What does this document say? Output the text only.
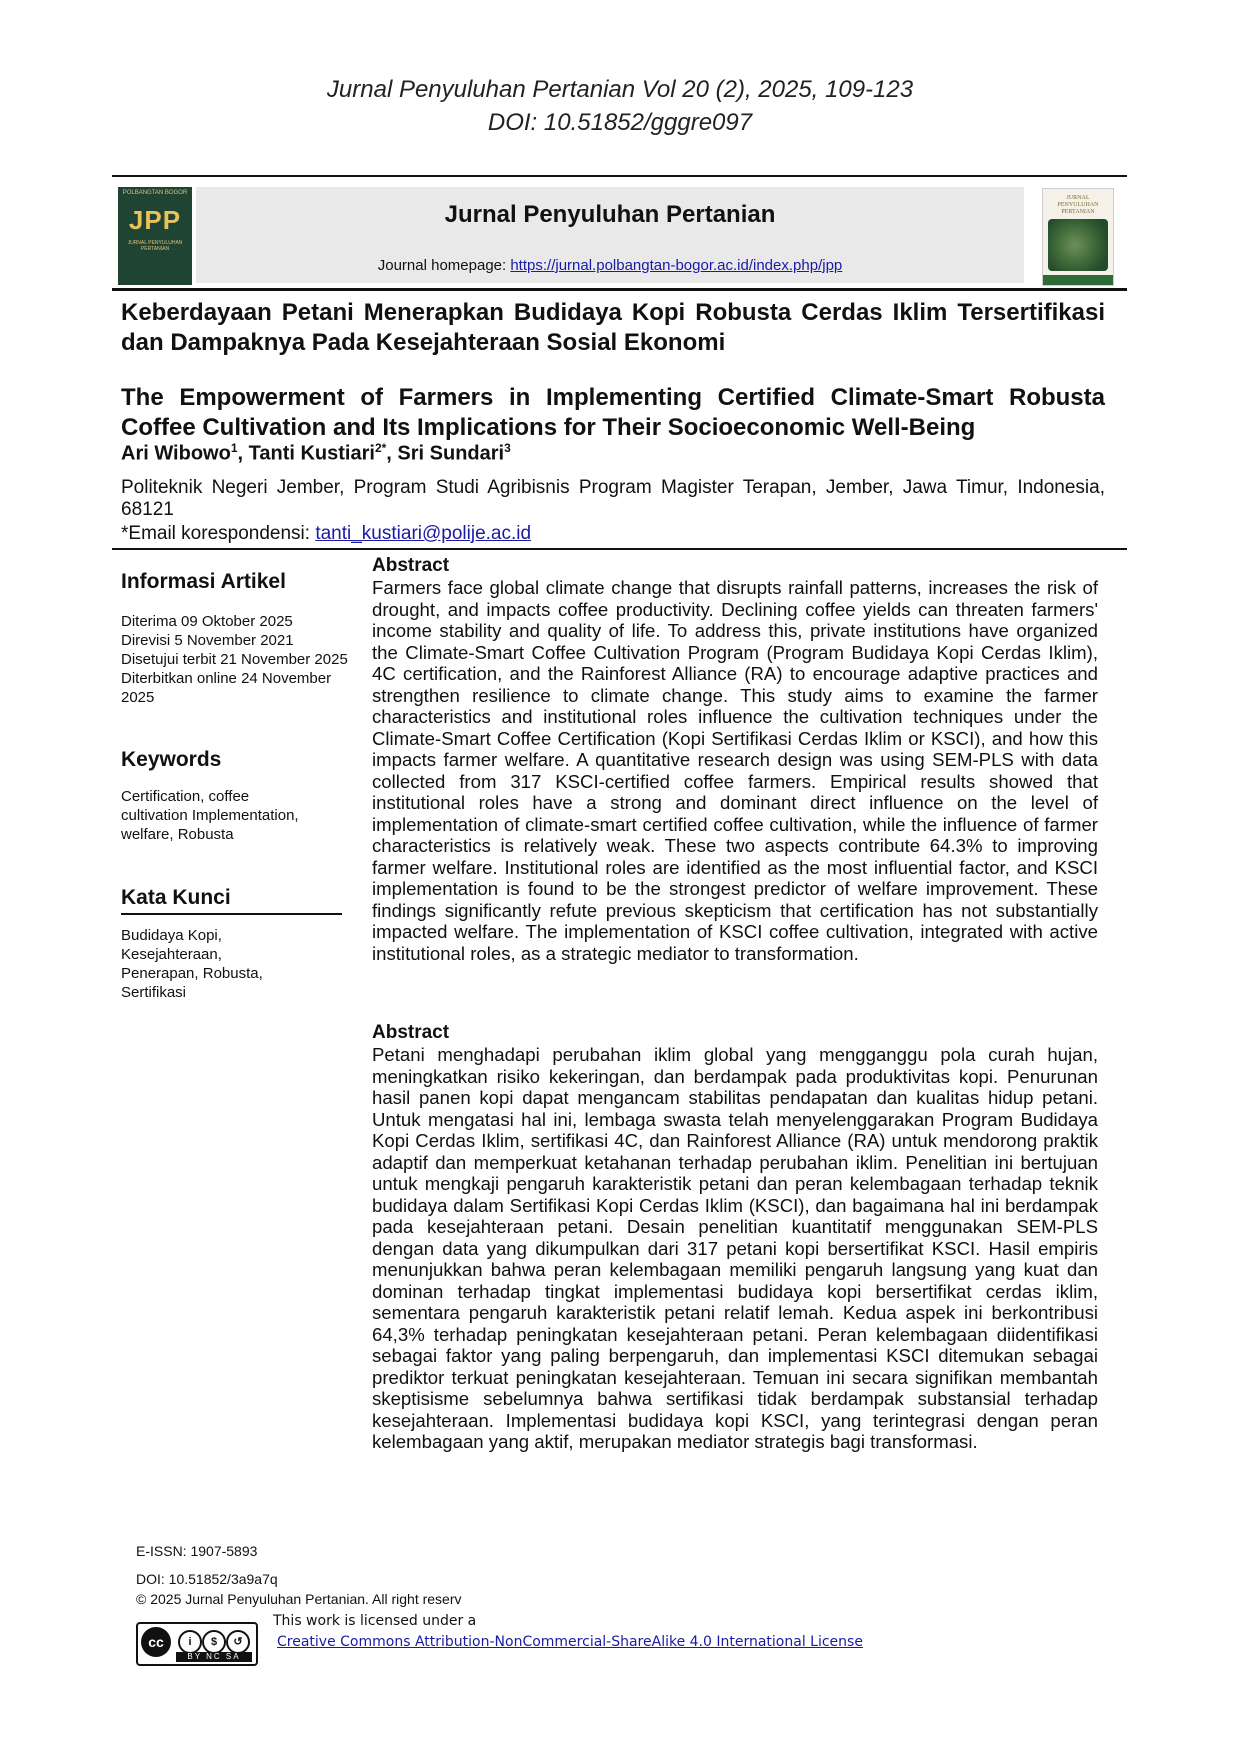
Jurnal Penyuluhan Pertanian Vol 20 (2), 2025, 109-123
DOI: 10.51852/gggre097
POLBANGTAN BOGOR
JPP
JURNAL PENYULUHAN PERTANIAN
Jurnal Penyuluhan Pertanian
Journal homepage: https://jurnal.polbangtan-bogor.ac.id/index.php/jpp
JURNAL PENYULUHAN PERTANIAN
Keberdayaan Petani Menerapkan Budidaya Kopi Robusta Cerdas Iklim Tersertifikasi dan Dampaknya Pada Kesejahteraan Sosial Ekonomi
The Empowerment of Farmers in Implementing Certified Climate-Smart Robusta Coffee Cultivation and Its Implications for Their Socioeconomic Well-Being
Ari Wibowo$^1$, Tanti Kustiari$^{2*}$, Sri Sundari$^3$
Politeknik Negeri Jember, Program Studi Agribisnis Program Magister Terapan, Jember, Jawa Timur, Indonesia, 68121
*Email korespondensi: tanti_kustiari@polije.ac.id
Informasi Artikel
Diterima 09 Oktober 2025
Direvisi 5 November 2021
Disetujui terbit 21 November 2025
Diterbitkan online 24 November 2025
Keywords
Certification, coffee cultivation Implementation, welfare, Robusta
Kata Kunci
Budidaya Kopi, Kesejahteraan, Penerapan, Robusta, Sertifikasi
Abstract
Farmers face global climate change that disrupts rainfall patterns, increases the risk of drought, and impacts coffee productivity. Declining coffee yields can threaten farmers' income stability and quality of life. To address this, private institutions have organized the Climate-Smart Coffee Cultivation Program (Program Budidaya Kopi Cerdas Iklim), 4C certification, and the Rainforest Alliance (RA) to encourage adaptive practices and strengthen resilience to climate change. This study aims to examine the farmer characteristics and institutional roles influence the cultivation techniques under the Climate-Smart Coffee Certification (Kopi Sertifikasi Cerdas Iklim or KSCI), and how this impacts farmer welfare. A quantitative research design was using SEM-PLS with data collected from 317 KSCI-certified coffee farmers. Empirical results showed that institutional roles have a strong and dominant direct influence on the level of implementation of climate-smart certified coffee cultivation, while the influence of farmer characteristics is relatively weak. These two aspects contribute 64.3% to improving farmer welfare. Institutional roles are identified as the most influential factor, and KSCI implementation is found to be the strongest predictor of welfare improvement. These findings significantly refute previous skepticism that certification has not substantially impacted welfare. The implementation of KSCI coffee cultivation, integrated with active institutional roles, as a strategic mediator to transformation.
Abstract
Petani menghadapi perubahan iklim global yang mengganggu pola curah hujan, meningkatkan risiko kekeringan, dan berdampak pada produktivitas kopi. Penurunan hasil panen kopi dapat mengancam stabilitas pendapatan dan kualitas hidup petani. Untuk mengatasi hal ini, lembaga swasta telah menyelenggarakan Program Budidaya Kopi Cerdas Iklim, sertifikasi 4C, dan Rainforest Alliance (RA) untuk mendorong praktik adaptif dan memperkuat ketahanan terhadap perubahan iklim. Penelitian ini bertujuan untuk mengkaji pengaruh karakteristik petani dan peran kelembagaan terhadap teknik budidaya dalam Sertifikasi Kopi Cerdas Iklim (KSCI), dan bagaimana hal ini berdampak pada kesejahteraan petani. Desain penelitian kuantitatif menggunakan SEM-PLS dengan data yang dikumpulkan dari 317 petani kopi bersertifikat KSCI. Hasil empiris menunjukkan bahwa peran kelembagaan memiliki pengaruh langsung yang kuat dan dominan terhadap tingkat implementasi budidaya kopi bersertifikat cerdas iklim, sementara pengaruh karakteristik petani relatif lemah. Kedua aspek ini berkontribusi 64,3% terhadap peningkatan kesejahteraan petani. Peran kelembagaan diidentifikasi sebagai faktor yang paling berpengaruh, dan implementasi KSCI ditemukan sebagai prediktor terkuat peningkatan kesejahteraan. Temuan ini secara signifikan membantah skeptisisme sebelumnya bahwa sertifikasi tidak berdampak substansial terhadap kesejahteraan. Implementasi budidaya kopi KSCI, yang terintegrasi dengan peran kelembagaan yang aktif, merupakan mediator strategis bagi transformasi.
E-ISSN: 1907-5893
DOI: 10.51852/3a9a7q
© 2025 Jurnal Penyuluhan Pertanian. All right reserv
cc	i	$	↺
BY NC SA
This work is licensed under a
Creative Commons Attribution-NonCommercial-ShareAlike 4.0 International License
